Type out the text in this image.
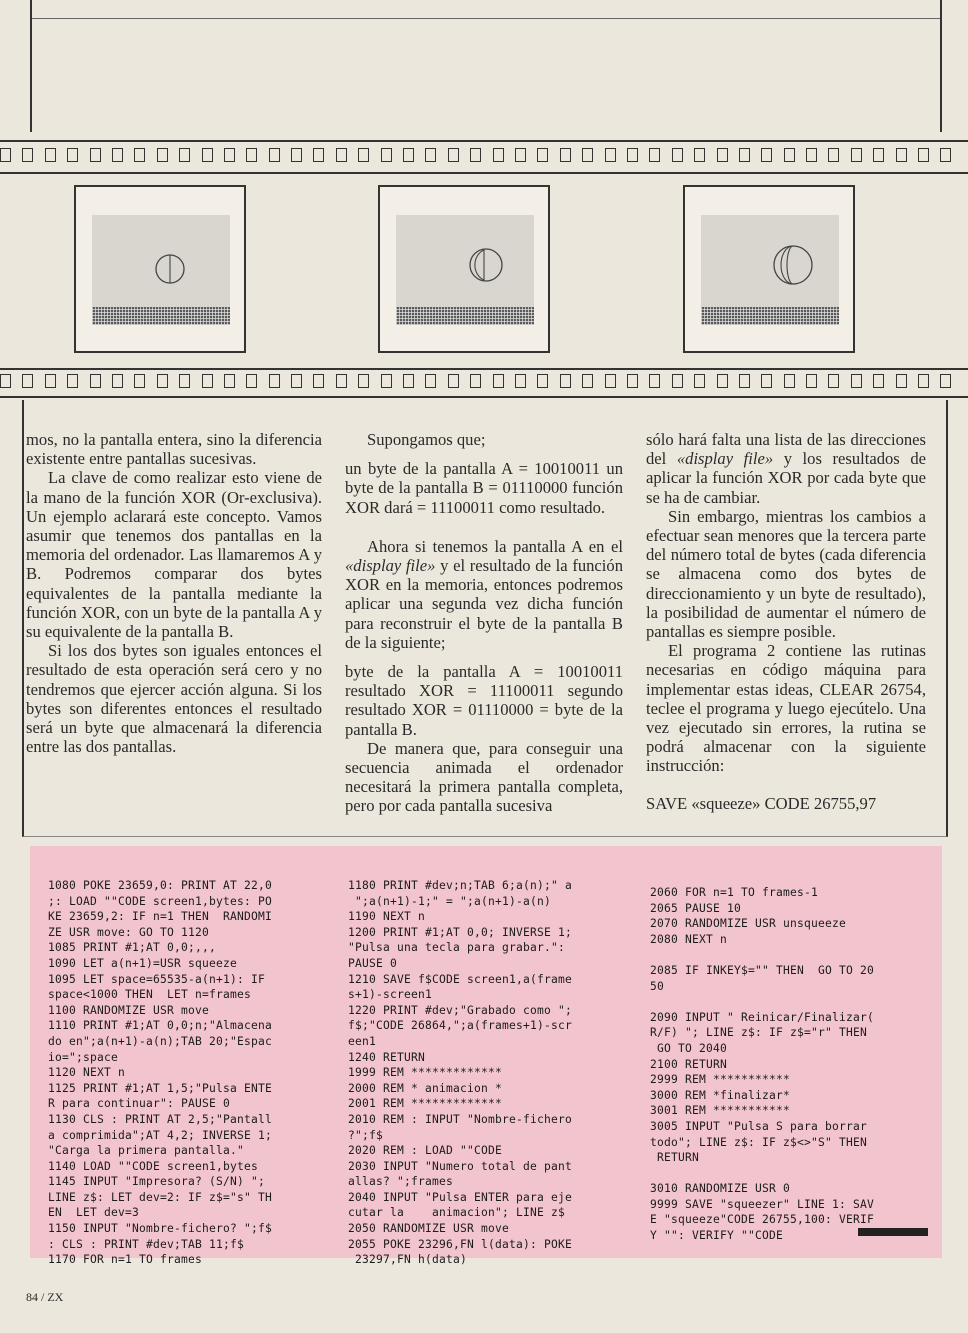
mos, no la pantalla entera, sino la diferencia existente entre pantallas sucesivas.

La clave de como realizar esto viene de la mano de la función XOR (Or-exclusiva). Un ejemplo aclarará este concepto. Vamos asumir que tenemos dos pantallas en la memoria del ordenador. Las llamaremos A y B. Podremos comparar dos bytes equivalentes de la pantalla mediante la función XOR, con un byte de la pantalla A y su equivalente de la pantalla B.

Si los dos bytes son iguales entonces el resultado de esta operación será cero y no tendremos que ejercer acción alguna. Si los bytes son diferentes entonces el resultado será un byte que almacenará la diferencia entre las dos pantallas.

Supongamos que;

un byte de la pantalla A = 10010011 un byte de la pantalla B = 01110000 función XOR dará = 11100011 como resultado.

Ahora si tenemos la pantalla A en el «display file» y el resultado de la función XOR en la memoria, entonces podremos aplicar una segunda vez dicha función para reconstruir el byte de la pantalla B de la siguiente;

byte de la pantalla A = 10010011 resultado XOR = 11100011 segundo resultado XOR = 01110000 = byte de la pantalla B.

De manera que, para conseguir una secuencia animada el ordenador necesitará la primera pantalla completa, pero por cada pantalla sucesiva

sólo hará falta una lista de las direcciones del «display file» y los resultados de aplicar la función XOR por cada byte que se ha de cambiar.

Sin embargo, mientras los cambios a efectuar sean menores que la tercera parte del número total de bytes (cada diferencia se almacena como dos bytes de direccionamiento y un byte de resultado), la posibilidad de aumentar el número de pantallas es siempre posible.

El programa 2 contiene las rutinas necesarias en código máquina para implementar estas ideas, CLEAR 26754, teclee el programa y luego ejecútelo. Una vez ejecutado sin errores, la rutina se podrá almacenar con la siguiente instrucción:

SAVE «squeeze» CODE 26755,97

1080 POKE 23659,0: PRINT AT 22,0
;: LOAD ""CODE screen1,bytes: PO
KE 23659,2: IF n=1 THEN  RANDOMI
ZE USR move: GO TO 1120
1085 PRINT #1;AT 0,0;,,,
1090 LET a(n+1)=USR squeeze
1095 LET space=65535-a(n+1): IF
space<1000 THEN  LET n=frames
1100 RANDOMIZE USR move
1110 PRINT #1;AT 0,0;n;"Almacena
do en";a(n+1)-a(n);TAB 20;"Espac
io=";space
1120 NEXT n
1125 PRINT #1;AT 1,5;"Pulsa ENTE
R para continuar": PAUSE 0
1130 CLS : PRINT AT 2,5;"Pantall
a comprimida";AT 4,2; INVERSE 1;
"Carga la primera pantalla."
1140 LOAD ""CODE screen1,bytes
1145 INPUT "Impresora? (S/N) ";
LINE z$: LET dev=2: IF z$="s" TH
EN  LET dev=3
1150 INPUT "Nombre-fichero? ";f$
: CLS : PRINT #dev;TAB 11;f$
1170 FOR n=1 TO frames
1180 PRINT #dev;n;TAB 6;a(n);" a
";a(n+1)-1;" = ";a(n+1)-a(n)
1190 NEXT n
1200 PRINT #1;AT 0,0; INVERSE 1;
"Pulsa una tecla para grabar.":
PAUSE 0
1210 SAVE f$CODE screen1,a(frame
s+1)-screen1
1220 PRINT #dev;"Grabado como ";
f$;"CODE 26864,";a(frames+1)-scr
een1
1240 RETURN
1999 REM *************
2000 REM * animacion *
2001 REM *************
2010 REM : INPUT "Nombre-fichero
?";f$
2020 REM : LOAD ""CODE
2030 INPUT "Numero total de pant
allas? ";frames
2040 INPUT "Pulsa ENTER para eje
cutar la    animacion"; LINE z$
2050 RANDOMIZE USR move
2055 POKE 23296,FN l(data): POKE
23297,FN h(data)
2060 FOR n=1 TO frames-1
2065 PAUSE 10
2070 RANDOMIZE USR unsqueeze
2080 NEXT n
2085 IF INKEY$="" THEN  GO TO 20
50
2090 INPUT " Reinicar/Finalizar(
R/F) "; LINE z$: IF z$="r" THEN
GO TO 2040
2100 RETURN
2999 REM ***********
3000 REM *finalizar*
3001 REM ***********
3005 INPUT "Pulsa S para borrar
todo"; LINE z$: IF z$<>"S" THEN
RETURN
3010 RANDOMIZE USR 0
9999 SAVE "squeezer" LINE 1: SAV
E "squeeze"CODE 26755,100: VERIF
Y "": VERIFY ""CODE
84 / ZX
